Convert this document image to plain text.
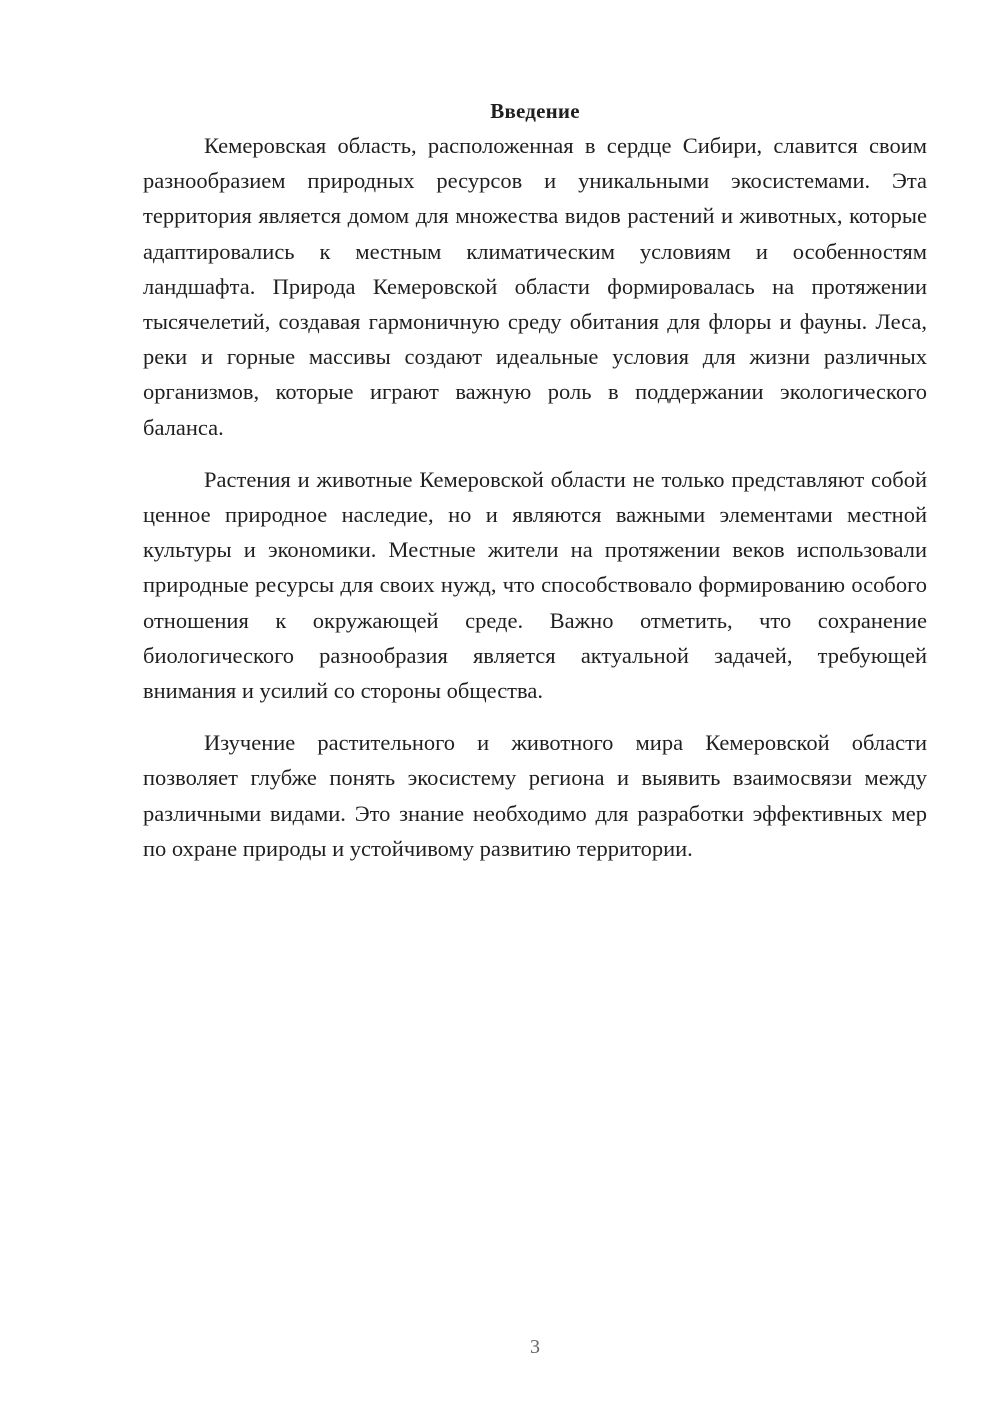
Введение

Кемеровская область, расположенная в сердце Сибири, славится своим разнообразием природных ресурсов и уникальными экосистемами. Эта территория является домом для множества видов растений и животных, которые адаптировались к местным климатическим условиям и особенностям ландшафта. Природа Кемеровской области формировалась на протяжении тысячелетий, создавая гармоничную среду обитания для флоры и фауны. Леса, реки и горные массивы создают идеальные условия для жизни различных организмов, которые играют важную роль в поддержании экологического баланса.

Растения и животные Кемеровской области не только представляют собой ценное природное наследие, но и являются важными элементами местной культуры и экономики. Местные жители на протяжении веков использовали природные ресурсы для своих нужд, что способствовало формированию особого отношения к окружающей среде. Важно отметить, что сохранение биологического разнообразия является актуальной задачей, требующей внимания и усилий со стороны общества.

Изучение растительного и животного мира Кемеровской области позволяет глубже понять экосистему региона и выявить взаимосвязи между различными видами. Это знание необходимо для разработки эффективных мер по охране природы и устойчивому развитию территории.

3
